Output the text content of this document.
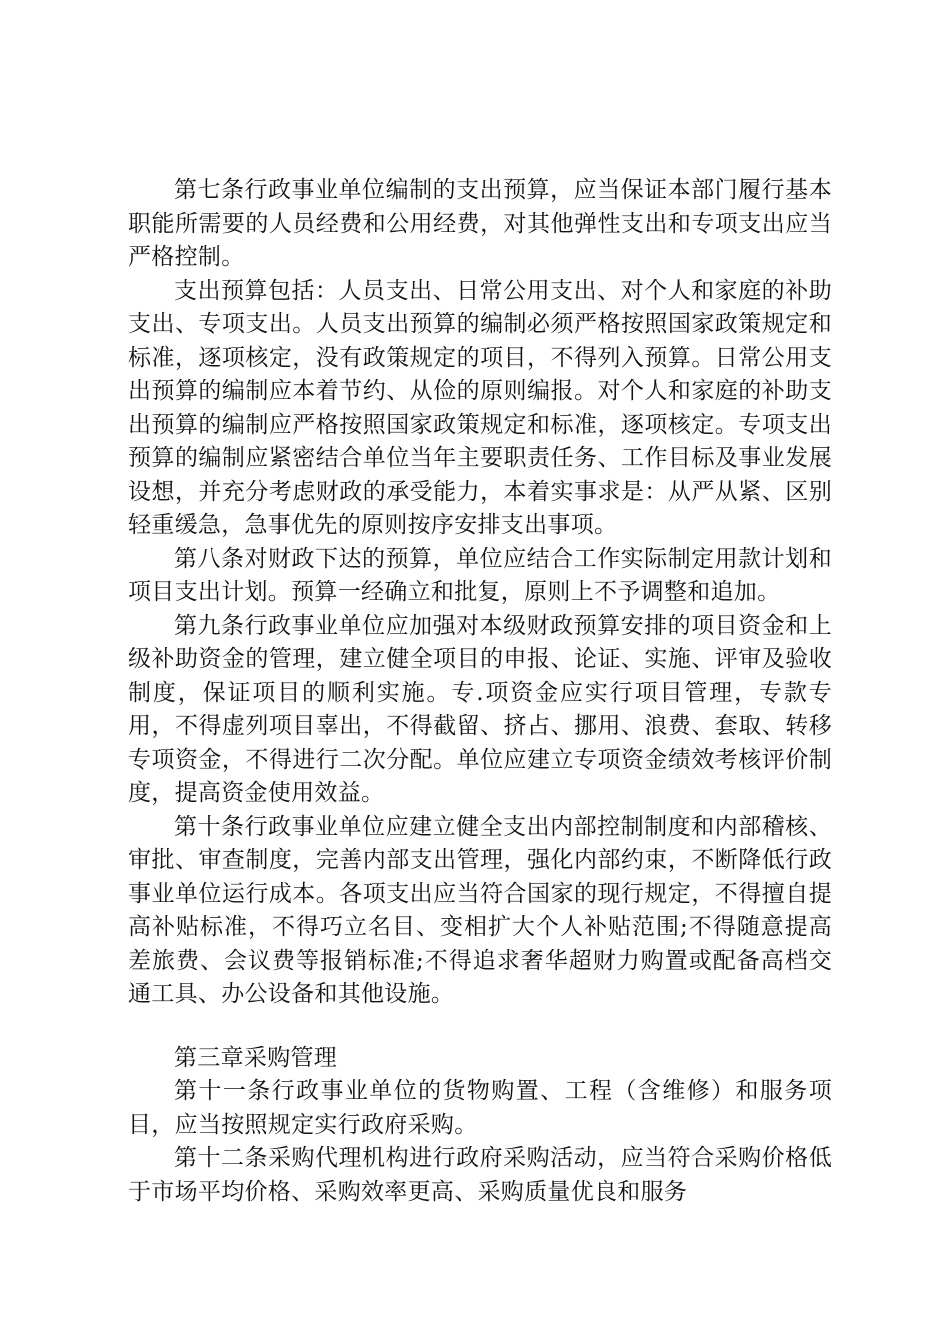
第七条行政事业单位编制的支出预算，应当保证本部门履行基本职能所需要的人员经费和公用经费，对其他弹性支出和专项支出应当严格控制。

支出预算包括：人员支出、日常公用支出、对个人和家庭的补助支出、专项支出。人员支出预算的编制必须严格按照国家政策规定和标准，逐项核定，没有政策规定的项目，不得列入预算。日常公用支出预算的编制应本着节约、从俭的原则编报。对个人和家庭的补助支出预算的编制应严格按照国家政策规定和标准，逐项核定。专项支出预算的编制应紧密结合单位当年主要职责任务、工作目标及事业发展设想，并充分考虑财政的承受能力，本着实事求是：从严从紧、区别轻重缓急，急事优先的原则按序安排支出事项。

第八条对财政下达的预算，单位应结合工作实际制定用款计划和项目支出计划。预算一经确立和批复，原则上不予调整和追加。

第九条行政事业单位应加强对本级财政预算安排的项目资金和上级补助资金的管理，建立健全项目的申报、论证、实施、评审及验收制度，保证项目的顺利实施。专.项资金应实行项目管理，专款专用，不得虚列项目辜出，不得截留、挤占、挪用、浪费、套取、转移专项资金，不得进行二次分配。单位应建立专项资金绩效考核评价制度，提高资金使用效益。

第十条行政事业单位应建立健全支出内部控制制度和内部稽核、审批、审查制度，完善内部支出管理，强化内部约束，不断降低行政事业单位运行成本。各项支出应当符合国家的现行规定，不得擅自提高补贴标准，不得巧立名目、变相扩大个人补贴范围;不得随意提高差旅费、会议费等报销标准;不得追求奢华超财力购置或配备高档交通工具、办公设备和其他设施。

第三章采购管理

第十一条行政事业单位的货物购置、工程（含维修）和服务项目，应当按照规定实行政府采购。

第十二条采购代理机构进行政府采购活动，应当符合采购价格低于市场平均价格、采购效率更高、采购质量优良和服务
